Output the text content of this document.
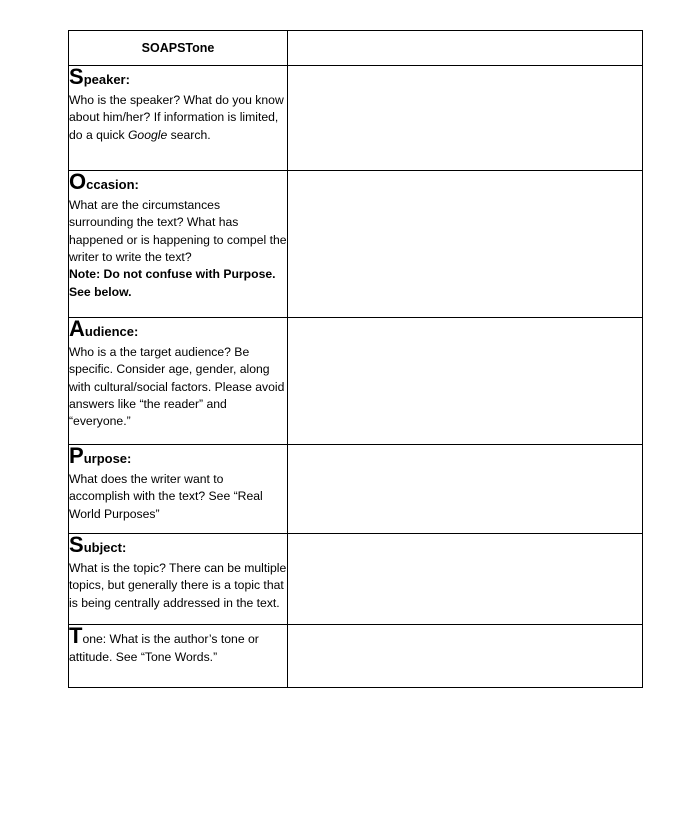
SOAPSTone	

Speaker:

Who is the speaker? What do you know about him/her? If information is limited, do a quick Google search.	

Occasion:

What are the circumstances surrounding the text? What has happened or is happening to compel the writer to write the text?

Note: Do not confuse with Purpose. See below.	

Audience:

Who is a the target audience? Be specific. Consider age, gender, along with cultural/social factors. Please avoid answers like “the reader” and “everyone.”	

Purpose:

What does the writer want to accomplish with the text? See “Real World Purposes”	

Subject:

What is the topic? There can be multiple topics, but generally there is a topic that is being centrally addressed in the text.	

Tone: What is the author’s tone or attitude. See “Tone Words.”	
